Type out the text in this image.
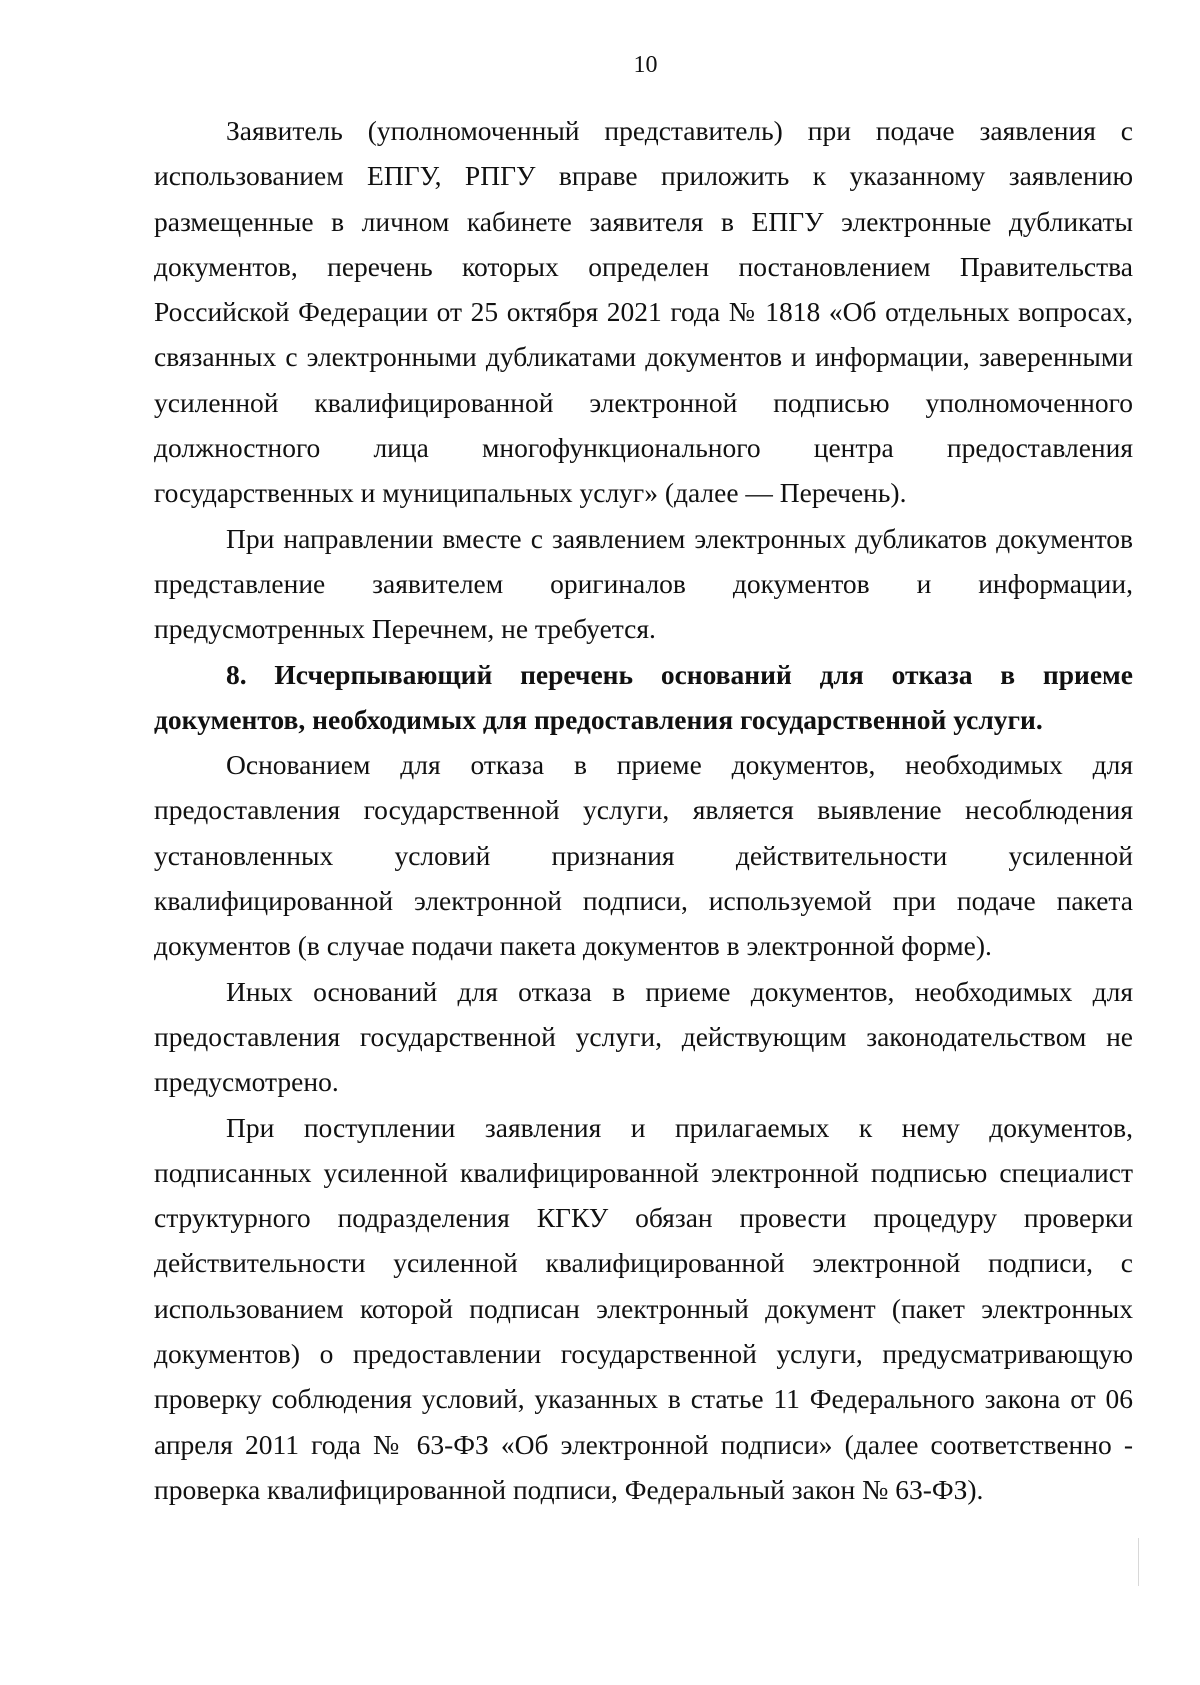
10

Заявитель (уполномоченный представитель) при подаче заявления с использованием ЕПГУ, РПГУ вправе приложить к указанному заявлению размещенные в личном кабинете заявителя в ЕПГУ электронные дубликаты документов, перечень которых определен постановлением Правительства Российской Федерации от 25 октября 2021 года № 1818 «Об отдельных вопросах, связанных с электронными дубликатами документов и информации, заверенными усиленной квалифицированной электронной подписью уполномоченного должностного лица многофункционального центра предоставления государственных и муниципальных услуг» (далее — Перечень).

При направлении вместе с заявлением электронных дубликатов документов представление заявителем оригиналов документов и информации, предусмотренных Перечнем, не требуется.

8. Исчерпывающий перечень оснований для отказа в приеме документов, необходимых для предоставления государственной услуги.

Основанием для отказа в приеме документов, необходимых для предоставления государственной услуги, является выявление несоблюдения установленных условий признания действительности усиленной квалифицированной электронной подписи, используемой при подаче пакета документов (в случае подачи пакета документов в электронной форме).

Иных оснований для отказа в приеме документов, необходимых для предоставления государственной услуги, действующим законодательством не предусмотрено.

При поступлении заявления и прилагаемых к нему документов, подписанных усиленной квалифицированной электронной подписью специалист структурного подразделения КГКУ обязан провести процедуру проверки действительности усиленной квалифицированной электронной подписи, с использованием которой подписан электронный документ (пакет электронных документов) о предоставлении государственной услуги, предусматривающую проверку соблюдения условий, указанных в статье 11 Федерального закона от 06 апреля 2011 года № 63-ФЗ «Об электронной подписи» (далее соответственно - проверка квалифицированной подписи, Федеральный закон № 63-ФЗ).
